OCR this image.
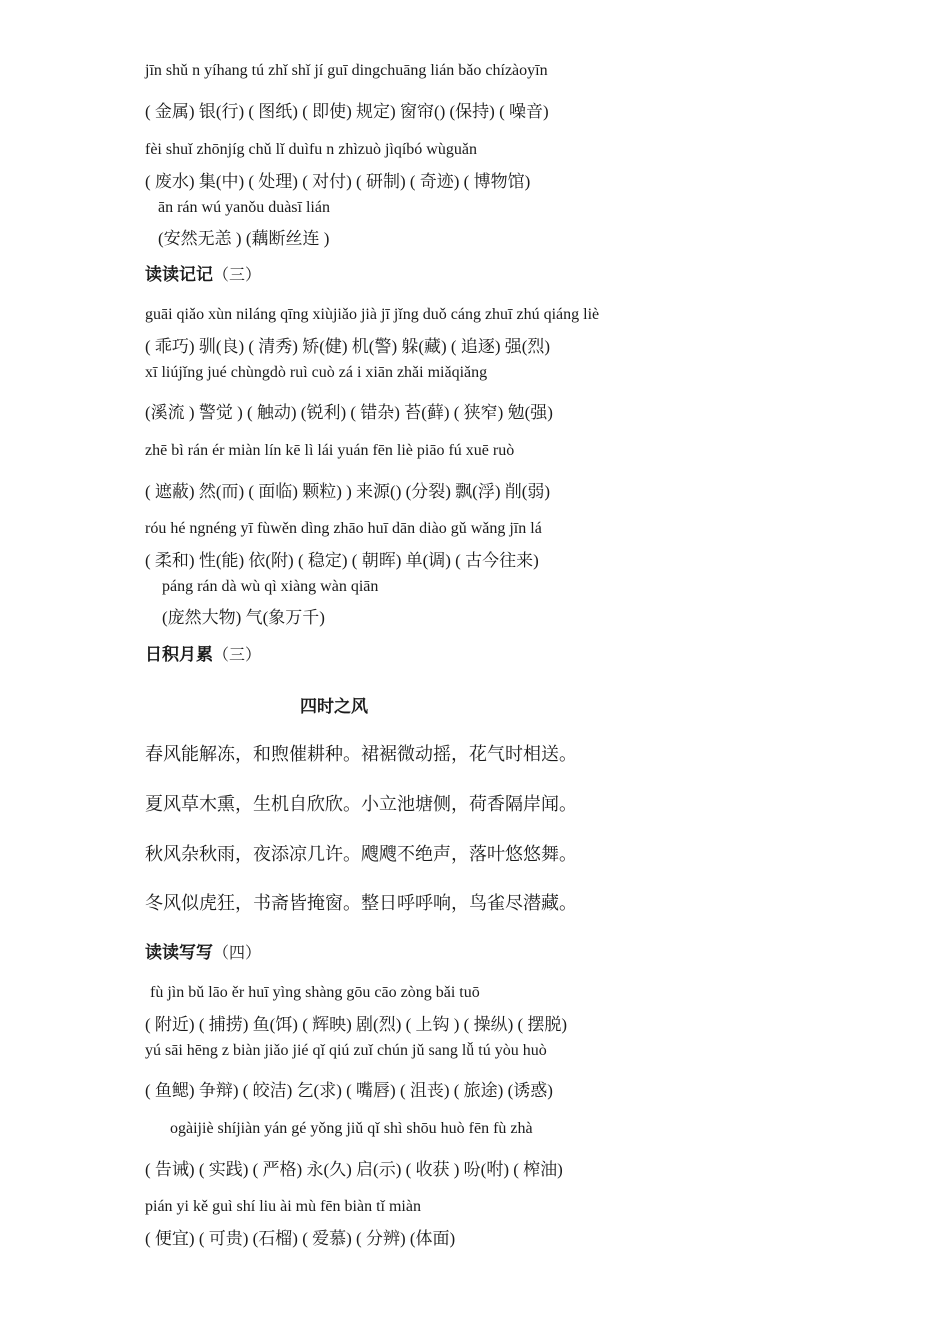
jīn shǔ n yíhang tú zhǐ shǐ jí guī dingchuāng lián bǎo chízàoyīn
( 金属) 银(行) ( 图纸) ( 即使) 规定) 窗帘() (保持) ( 噪音)
fèi shuǐ zhōnjíg chǔ lǐ duìfu n zhìzuò jìqíbó wùguǎn
( 废水) 集(中) ( 处理) ( 对付) ( 研制) ( 奇迹) ( 博物馆)
ān rán wú yanǒu duàsī lián
(安然无恙 ) (藕断丝连 )
读读记记（三）
guāi qiǎo xùn niláng qīng xiùjiǎo jià jī jǐng duǒ cáng zhuī zhú qiáng liè
( 乖巧) 驯(良) ( 清秀) 矫(健) 机(警) 躲(藏) ( 追逐) 强(烈)
xī liújǐng jué chùngdò ruì cuò zá i xiān zhǎi miǎqiǎng
(溪流 ) 警觉 ) ( 触动) (锐利) ( 错杂) 苔(藓) ( 狭窄) 勉(强)
zhē bì rán ér miàn lín kē lì lái yuán fēn liè piāo fú xuē ruò
( 遮蔽) 然(而) ( 面临) 颗粒) ) 来源() (分裂) 飘(浮) 削(弱)
róu hé ngnéng yī fùwěn dìng zhāo huī dān diào gǔ wǎng jīn lá
( 柔和) 性(能) 依(附) ( 稳定) ( 朝晖) 单(调) ( 古今往来)
páng rán dà wù qì xiàng wàn qiān
(庞然大物) 气(象万千)
日积月累（三）
四时之风
春风能解冻，和煦催耕种。裙裾微动摇，花气时相送。
夏风草木熏，生机自欣欣。小立池塘侧，荷香隔岸闻。
秋风杂秋雨，夜添凉几许。飕飕不绝声，落叶悠悠舞。
冬风似虎狂，书斋皆掩窗。整日呼呼响，鸟雀尽潜藏。
读读写写（四）
fù jìn bǔ lāo ěr huī yìng shàng gōu cāo zòng bǎi tuō
( 附近) ( 捕捞) 鱼(饵) ( 辉映) 剧(烈) ( 上钩 ) ( 操纵) ( 摆脱)
yú sāi hēng z biàn jiǎo jié qǐ qiú zuǐ chún jǔ sang lǚ tú yòu huò
( 鱼鳃) 争辩) ( 皎洁) 乞(求) ( 嘴唇) ( 沮丧) ( 旅途) (诱惑)
ogàijiè shíjiàn yán gé yǒng jiǔ qǐ shì shōu huò fēn fù zhà
( 告诫) ( 实践) ( 严格) 永(久) 启(示) ( 收获 ) 吩(咐) ( 榨油)
pián yi kě guì shí liu ài mù fēn biàn tǐ miàn
( 便宜) ( 可贵) (石榴) ( 爱慕) ( 分辨) (体面)
